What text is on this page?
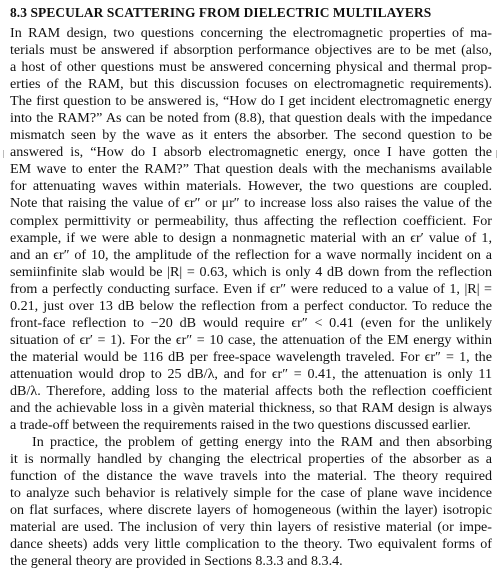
8.3 SPECULAR SCATTERING FROM DIELECTRIC MULTILAYERS
In RAM design, two questions concerning the electromagnetic properties of ma-
terials must be answered if absorption performance objectives are to be met (also,
a host of other questions must be answered concerning physical and thermal prop-
erties of the RAM, but this discussion focuses on electromagnetic requirements).
The first question to be answered is, “How do I get incident electromagnetic energy
into the RAM?” As can be noted from (8.8), that question deals with the impedance
mismatch seen by the wave as it enters the absorber. The second question to be
answered is, “How do I absorb electromagnetic energy, once I have gotten the
EM wave to enter the RAM?” That question deals with the mechanisms available
for attenuating waves within materials. However, the two questions are coupled.
Note that raising the value of ϵr″ or μr″ to increase loss also raises the value of the
complex permittivity or permeability, thus affecting the reflection coefficient. For
example, if we were able to design a nonmagnetic material with an ϵr′ value of 1,
and an ϵr″ of 10, the amplitude of the reflection for a wave normally incident on a
semiinfinite slab would be |R| = 0.63, which is only 4 dB down from the reflection
from a perfectly conducting surface. Even if ϵr″ were reduced to a value of 1, |R| =
0.21, just over 13 dB below the reflection from a perfect conductor. To reduce the
front-face reflection to −20 dB would require ϵr″ < 0.41 (even for the unlikely
situation of ϵr′ = 1). For the ϵr″ = 10 case, the attenuation of the EM energy within
the material would be 116 dB per free-space wavelength traveled. For ϵr″ = 1, the
attenuation would drop to 25 dB/λ, and for ϵr″ = 0.41, the attenuation is only 11
dB/λ. Therefore, adding loss to the material affects both the reflection coefficient
and the achievable loss in a givèn material thickness, so that RAM design is always
a trade-off between the requirements raised in the two questions discussed earlier.
In practice, the problem of getting energy into the RAM and then absorbing
it is normally handled by changing the electrical properties of the absorber as a
function of the distance the wave travels into the material. The theory required
to analyze such behavior is relatively simple for the case of plane wave incidence
on flat surfaces, where discrete layers of homogeneous (within the layer) isotropic
material are used. The inclusion of very thin layers of resistive material (or impe-
dance sheets) adds very little complication to the theory. Two equivalent forms of
the general theory are provided in Sections 8.3.3 and 8.3.4.
